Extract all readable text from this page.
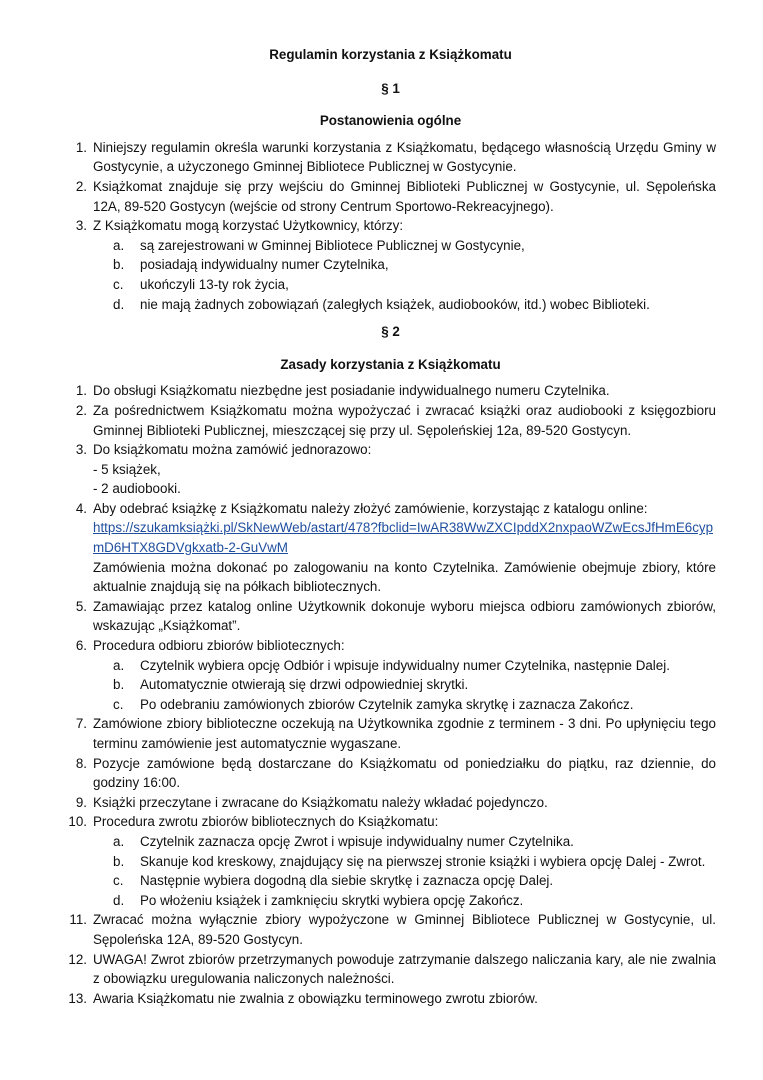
Regulamin korzystania z Książkomatu
§ 1
Postanowienia ogólne
1. Niniejszy regulamin określa warunki korzystania z Książkomatu, będącego własnością Urzędu Gminy w Gostycynie, a użyczonego Gminnej Bibliotece Publicznej w Gostycynie.
2. Książkomat znajduje się przy wejściu do Gminnej Biblioteki Publicznej w Gostycynie, ul. Sępoleńska 12A, 89-520 Gostycyn (wejście od strony Centrum Sportowo-Rekreacyjnego).
3. Z Książkomatu mogą korzystać Użytkownicy, którzy:
a.	są zarejestrowani w Gminnej Bibliotece Publicznej w Gostycynie,
b.	posiadają indywidualny numer Czytelnika,
c.	ukończyli 13-ty rok życia,
d.	nie mają żadnych zobowiązań (zaległych książek, audiobooków, itd.) wobec Biblioteki.
§ 2
Zasady korzystania z Książkomatu
1. Do obsługi Książkomatu niezbędne jest posiadanie indywidualnego numeru Czytelnika.
2. Za pośrednictwem Książkomatu można wypożyczać i zwracać książki oraz audiobooki z księgozbioru Gminnej Biblioteki Publicznej, mieszczącej się przy ul. Sępoleńskiej 12a, 89-520 Gostycyn.
3. Do książkomatu można zamówić jednorazowo:
- 5 książek,
- 2 audiobooki.
4. Aby odebrać książkę z Książkomatu należy złożyć zamówienie, korzystając z katalogu online:
https://szukamksiążki.pl/SkNewWeb/astart/478?fbclid=IwAR38WwZXCIpddX2nxpaoWZwEcsJfHmE6cypmD6HTX8GDVgkxatb-2-GuVwM
Zamówienia można dokonać po zalogowaniu na konto Czytelnika. Zamówienie obejmuje zbiory, które aktualnie znajdują się na półkach bibliotecznych.
5. Zamawiając przez katalog online Użytkownik dokonuje wyboru miejsca odbioru zamówionych zbiorów, wskazując „Książkomat”.
6. Procedura odbioru zbiorów bibliotecznych:
a.	Czytelnik wybiera opcję Odbiór i wpisuje indywidualny numer Czytelnika, następnie Dalej.
b.	Automatycznie otwierają się drzwi odpowiedniej skrytki.
c.	Po odebraniu zamówionych zbiorów Czytelnik zamyka skrytkę i zaznacza Zakończ.
7. Zamówione zbiory biblioteczne oczekują na Użytkownika zgodnie z terminem - 3 dni. Po upłynięciu tego terminu zamówienie jest automatycznie wygaszane.
8. Pozycje zamówione będą dostarczane do Książkomatu od poniedziałku do piątku, raz dziennie, do godziny 16:00.
9. Książki przeczytane i zwracane do Książkomatu należy wkładać pojedynczo.
10. Procedura zwrotu zbiorów bibliotecznych do Książkomatu:
a.	Czytelnik zaznacza opcję Zwrot i wpisuje indywidualny numer Czytelnika.
b.	Skanuje kod kreskowy, znajdujący się na pierwszej stronie książki i wybiera opcję Dalej - Zwrot.
c.	Następnie wybiera dogodną dla siebie skrytkę i zaznacza opcję Dalej.
d.	Po włożeniu książek i zamknięciu skrytki wybiera opcję Zakończ.
11. Zwracać można wyłącznie zbiory wypożyczone w Gminnej Bibliotece Publicznej w Gostycynie, ul. Sępoleńska 12A, 89-520 Gostycyn.
12. UWAGA! Zwrot zbiorów przetrzymanych powoduje zatrzymanie dalszego naliczania kary, ale nie zwalnia z obowiązku uregulowania naliczonych należności.
13. Awaria Książkomatu nie zwalnia z obowiązku terminowego zwrotu zbiorów.
